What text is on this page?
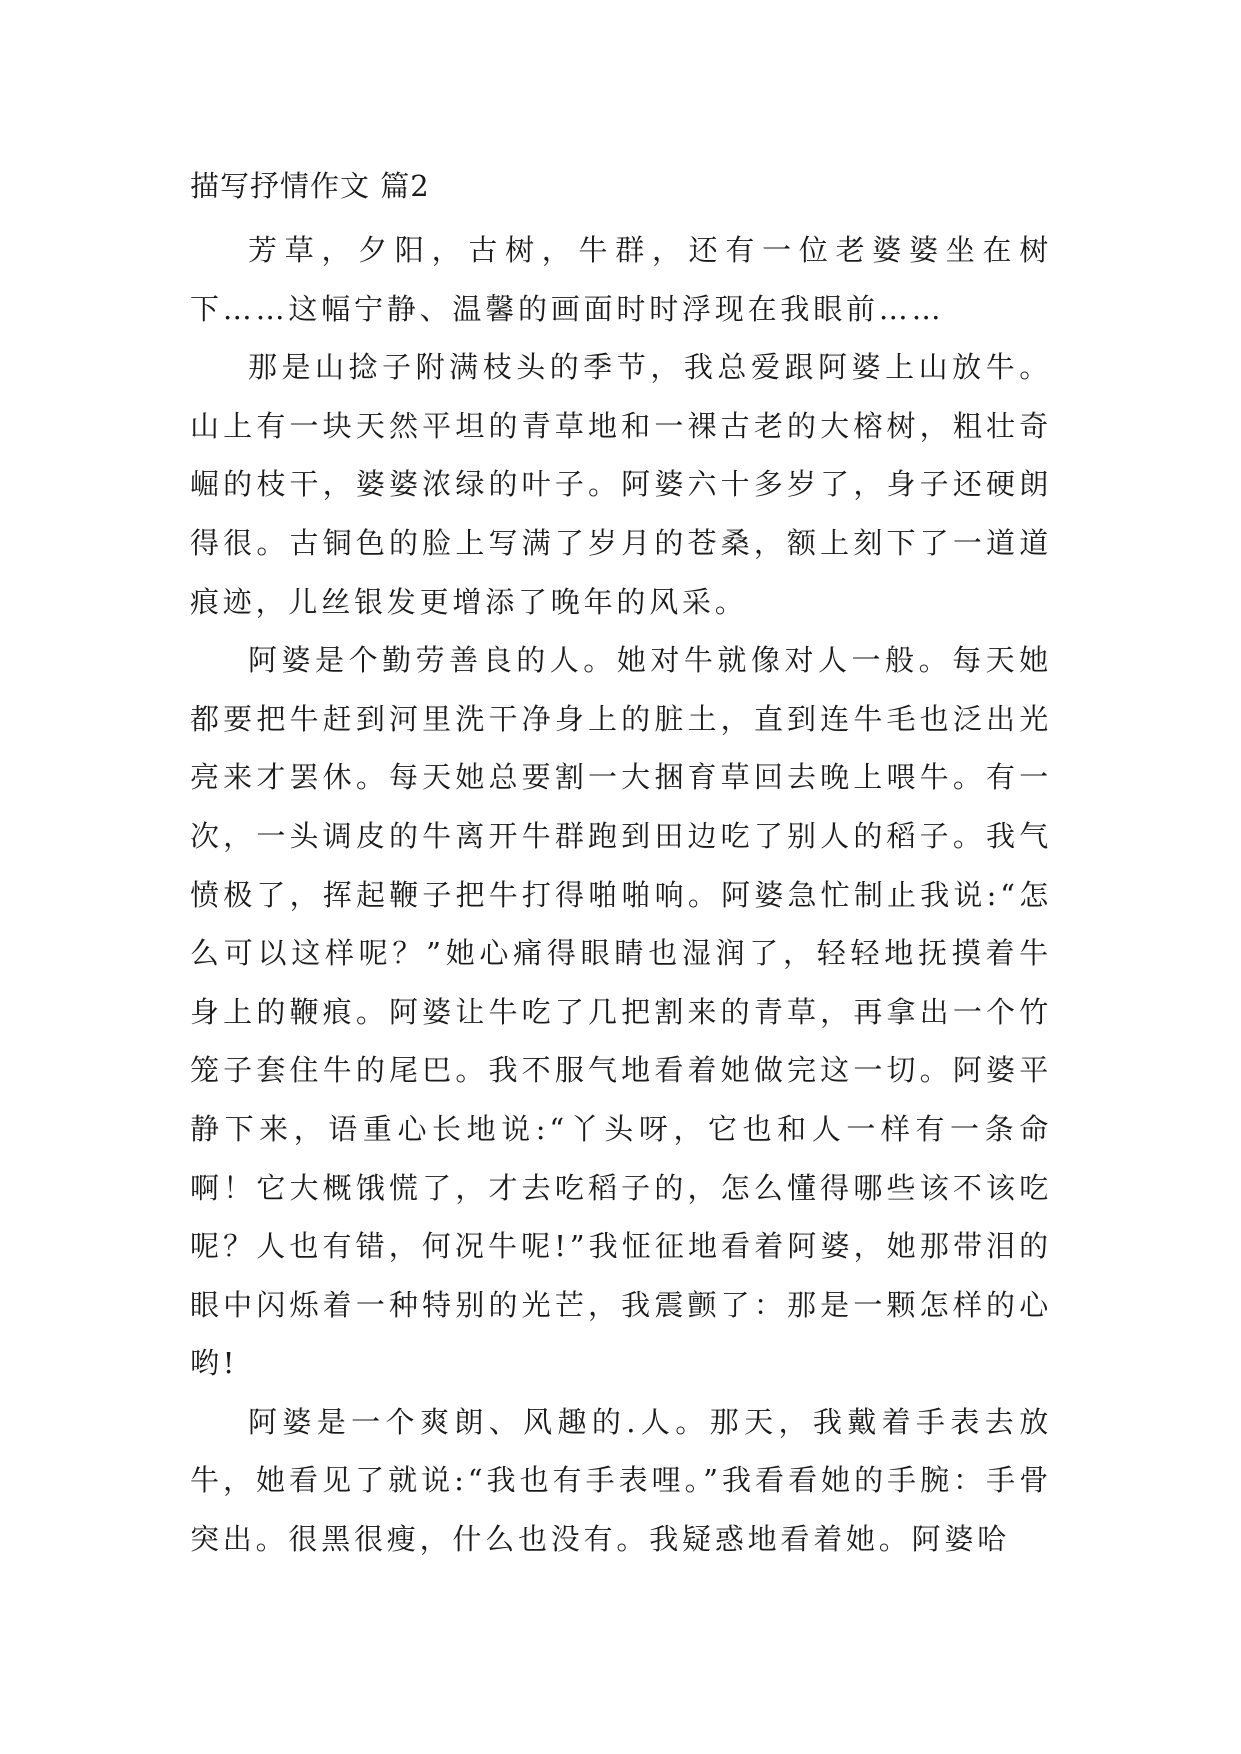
描写抒情作文 篇2

芳草，夕阳，古树，牛群，还有一位老婆婆坐在树下……这幅宁静、温馨的画面时时浮现在我眼前……

那是山捻子附满枝头的季节，我总爱跟阿婆上山放牛。山上有一块天然平坦的青草地和一裸古老的大榕树，粗壮奇崛的枝干，婆婆浓绿的叶子。阿婆六十多岁了，身子还硬朗得很。古铜色的脸上写满了岁月的苍桑，额上刻下了一道道痕迹，儿丝银发更增添了晚年的风采。

阿婆是个勤劳善良的人。她对牛就像对人一般。每天她都要把牛赶到河里洗干净身上的脏土，直到连牛毛也泛出光亮来才罢休。每天她总要割一大捆育草回去晚上喂牛。有一次，一头调皮的牛离开牛群跑到田边吃了别人的稻子。我气愤极了，挥起鞭子把牛打得啪啪响。阿婆急忙制止我说:“怎么可以这样呢？”她心痛得眼睛也湿润了，轻轻地抚摸着牛身上的鞭痕。阿婆让牛吃了几把割来的青草，再拿出一个竹笼子套住牛的尾巴。我不服气地看着她做完这一切。阿婆平静下来，语重心长地说:“丫头呀，它也和人一样有一条命啊！它大概饿慌了，才去吃稻子的，怎么懂得哪些该不该吃呢？人也有错，何况牛呢!”我怔征地看着阿婆，她那带泪的眼中闪烁着一种特别的光芒，我震颤了：那是一颗怎样的心哟!

阿婆是一个爽朗、风趣的.人。那天，我戴着手表去放牛，她看见了就说:“我也有手表哩。”我看看她的手腕：手骨突出。很黑很瘦，什么也没有。我疑惑地看着她。阿婆哈
